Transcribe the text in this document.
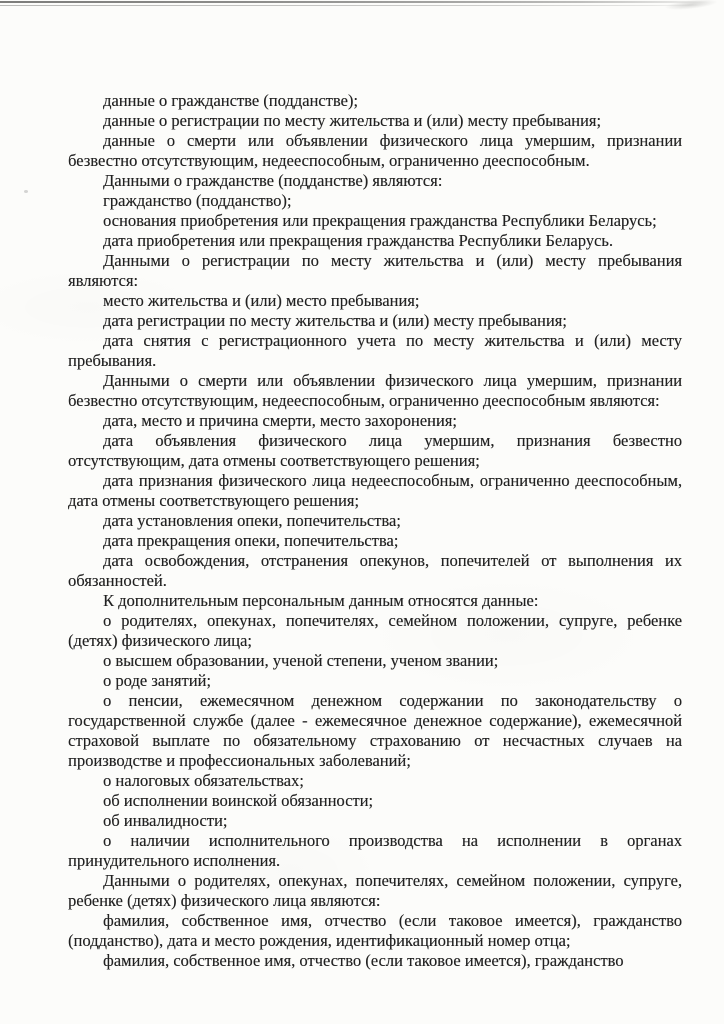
данные о гражданстве (подданстве);

данные о регистрации по месту жительства и (или) месту пребывания;

данные о смерти или объявлении физического лица умершим, признании безвестно отсутствующим, недееспособным, ограниченно дееспособным.

Данными о гражданстве (подданстве) являются:

гражданство (подданство);

основания приобретения или прекращения гражданства Республики Беларусь;

дата приобретения или прекращения гражданства Республики Беларусь.

Данными о регистрации по месту жительства и (или) месту пребывания являются:

место жительства и (или) место пребывания;

дата регистрации по месту жительства и (или) месту пребывания;

дата снятия с регистрационного учета по месту жительства и (или) месту пребывания.

Данными о смерти или объявлении физического лица умершим, признании безвестно отсутствующим, недееспособным, ограниченно дееспособным являются:

дата, место и причина смерти, место захоронения;

дата объявления физического лица умершим, признания безвестно отсутствующим, дата отмены соответствующего решения;

дата признания физического лица недееспособным, ограниченно дееспособным, дата отмены соответствующего решения;

дата установления опеки, попечительства;

дата прекращения опеки, попечительства;

дата освобождения, отстранения опекунов, попечителей от выполнения их обязанностей.

К дополнительным персональным данным относятся данные:

о родителях, опекунах, попечителях, семейном положении, супруге, ребенке (детях) физического лица;

о высшем образовании, ученой степени, ученом звании;

о роде занятий;

о пенсии, ежемесячном денежном содержании по законодательству о государственной службе (далее - ежемесячное денежное содержание), ежемесячной страховой выплате по обязательному страхованию от несчастных случаев на производстве и профессиональных заболеваний;

о налоговых обязательствах;

об исполнении воинской обязанности;

об инвалидности;

о наличии исполнительного производства на исполнении в органах принудительного исполнения.

Данными о родителях, опекунах, попечителях, семейном положении, супруге, ребенке (детях) физического лица являются:

фамилия, собственное имя, отчество (если таковое имеется), гражданство (подданство), дата и место рождения, идентификационный номер отца;

фамилия, собственное имя, отчество (если таковое имеется), гражданство
